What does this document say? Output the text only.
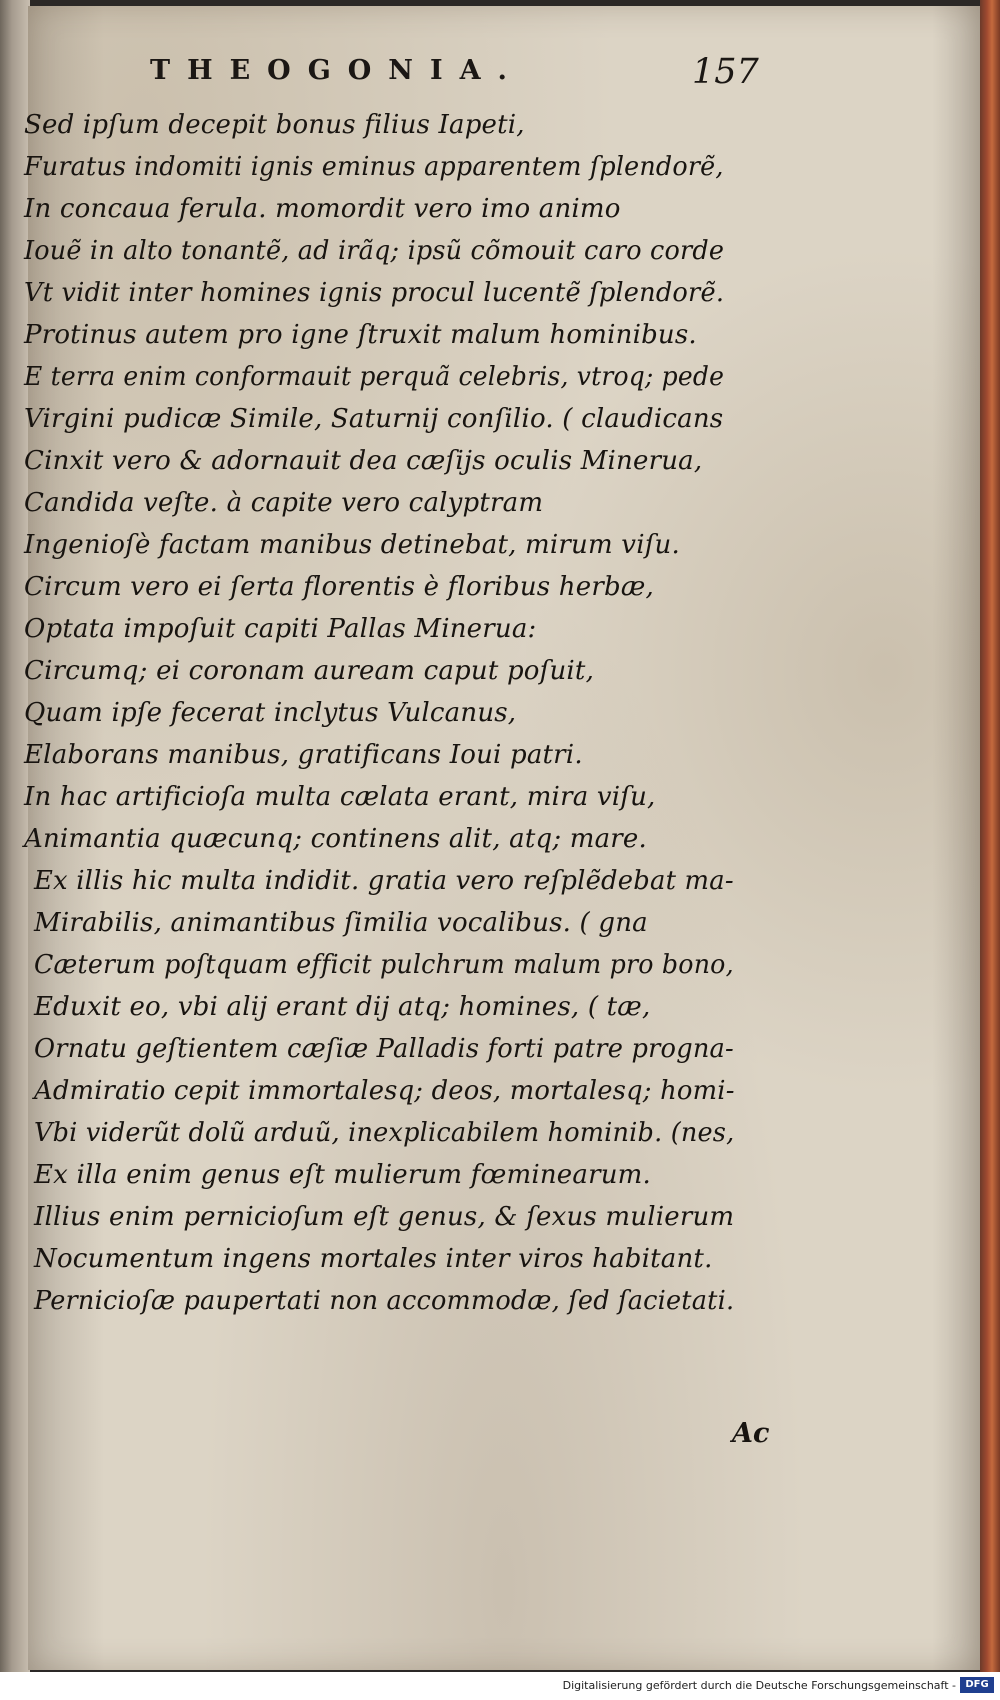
THEOGONIA.	157
Sed ipſum decepit bonus filius Iapeti,
Furatus indomiti ignis eminus apparentem ſplendorẽ,
In concaua ferula. momordit vero imo animo
Iouẽ in alto tonantẽ, ad irãq; ipsũ cõmouit caro corde
Vt vidit inter homines ignis procul lucentẽ ſplendorẽ.
Protinus autem pro igne ſtruxit malum hominibus.
E terra enim conformauit perquã celebris, vtroq; pede
Virgini pudicæ Simile, Saturnij conſilio. ( claudicans
Cinxit vero & adornauit dea cæſijs oculis Minerua,
Candida veſte. à capite vero calyptram
Ingenioſè factam manibus detinebat, mirum viſu.
Circum vero ei ſerta florentis è floribus herbæ,
Optata impoſuit capiti Pallas Minerua:
Circumq; ei coronam auream caput poſuit,
Quam ipſe fecerat inclytus Vulcanus,
Elaborans manibus, gratificans Ioui patri.
In hac artificioſa multa cælata erant, mira viſu,
Animantia quæcunq; continens alit, atq; mare.
Ex illis hic multa indidit. gratia vero reſplẽdebat ma-
Mirabilis, animantibus ſimilia vocalibus. ( gna
Cæterum poſtquam efficit pulchrum malum pro bono,
Eduxit eo, vbi alij erant dij atq; homines, ( tæ,
Ornatu geſtientem cæſiæ Palladis forti patre progna-
Admiratio cepit immortalesq; deos, mortalesq; homi-
Vbi viderũt dolũ arduũ, inexplicabilem hominib. (nes,
Ex illa enim genus eſt mulierum fœminearum.
Illius enim pernicioſum eſt genus, & ſexus mulierum
Nocumentum ingens mortales inter viros habitant.
Pernicioſæ paupertati non accommodæ, ſed ſacietati.
Ac
Digitalisierung gefördert durch die Deutsche Forschungsgemeinschaft - DFG
